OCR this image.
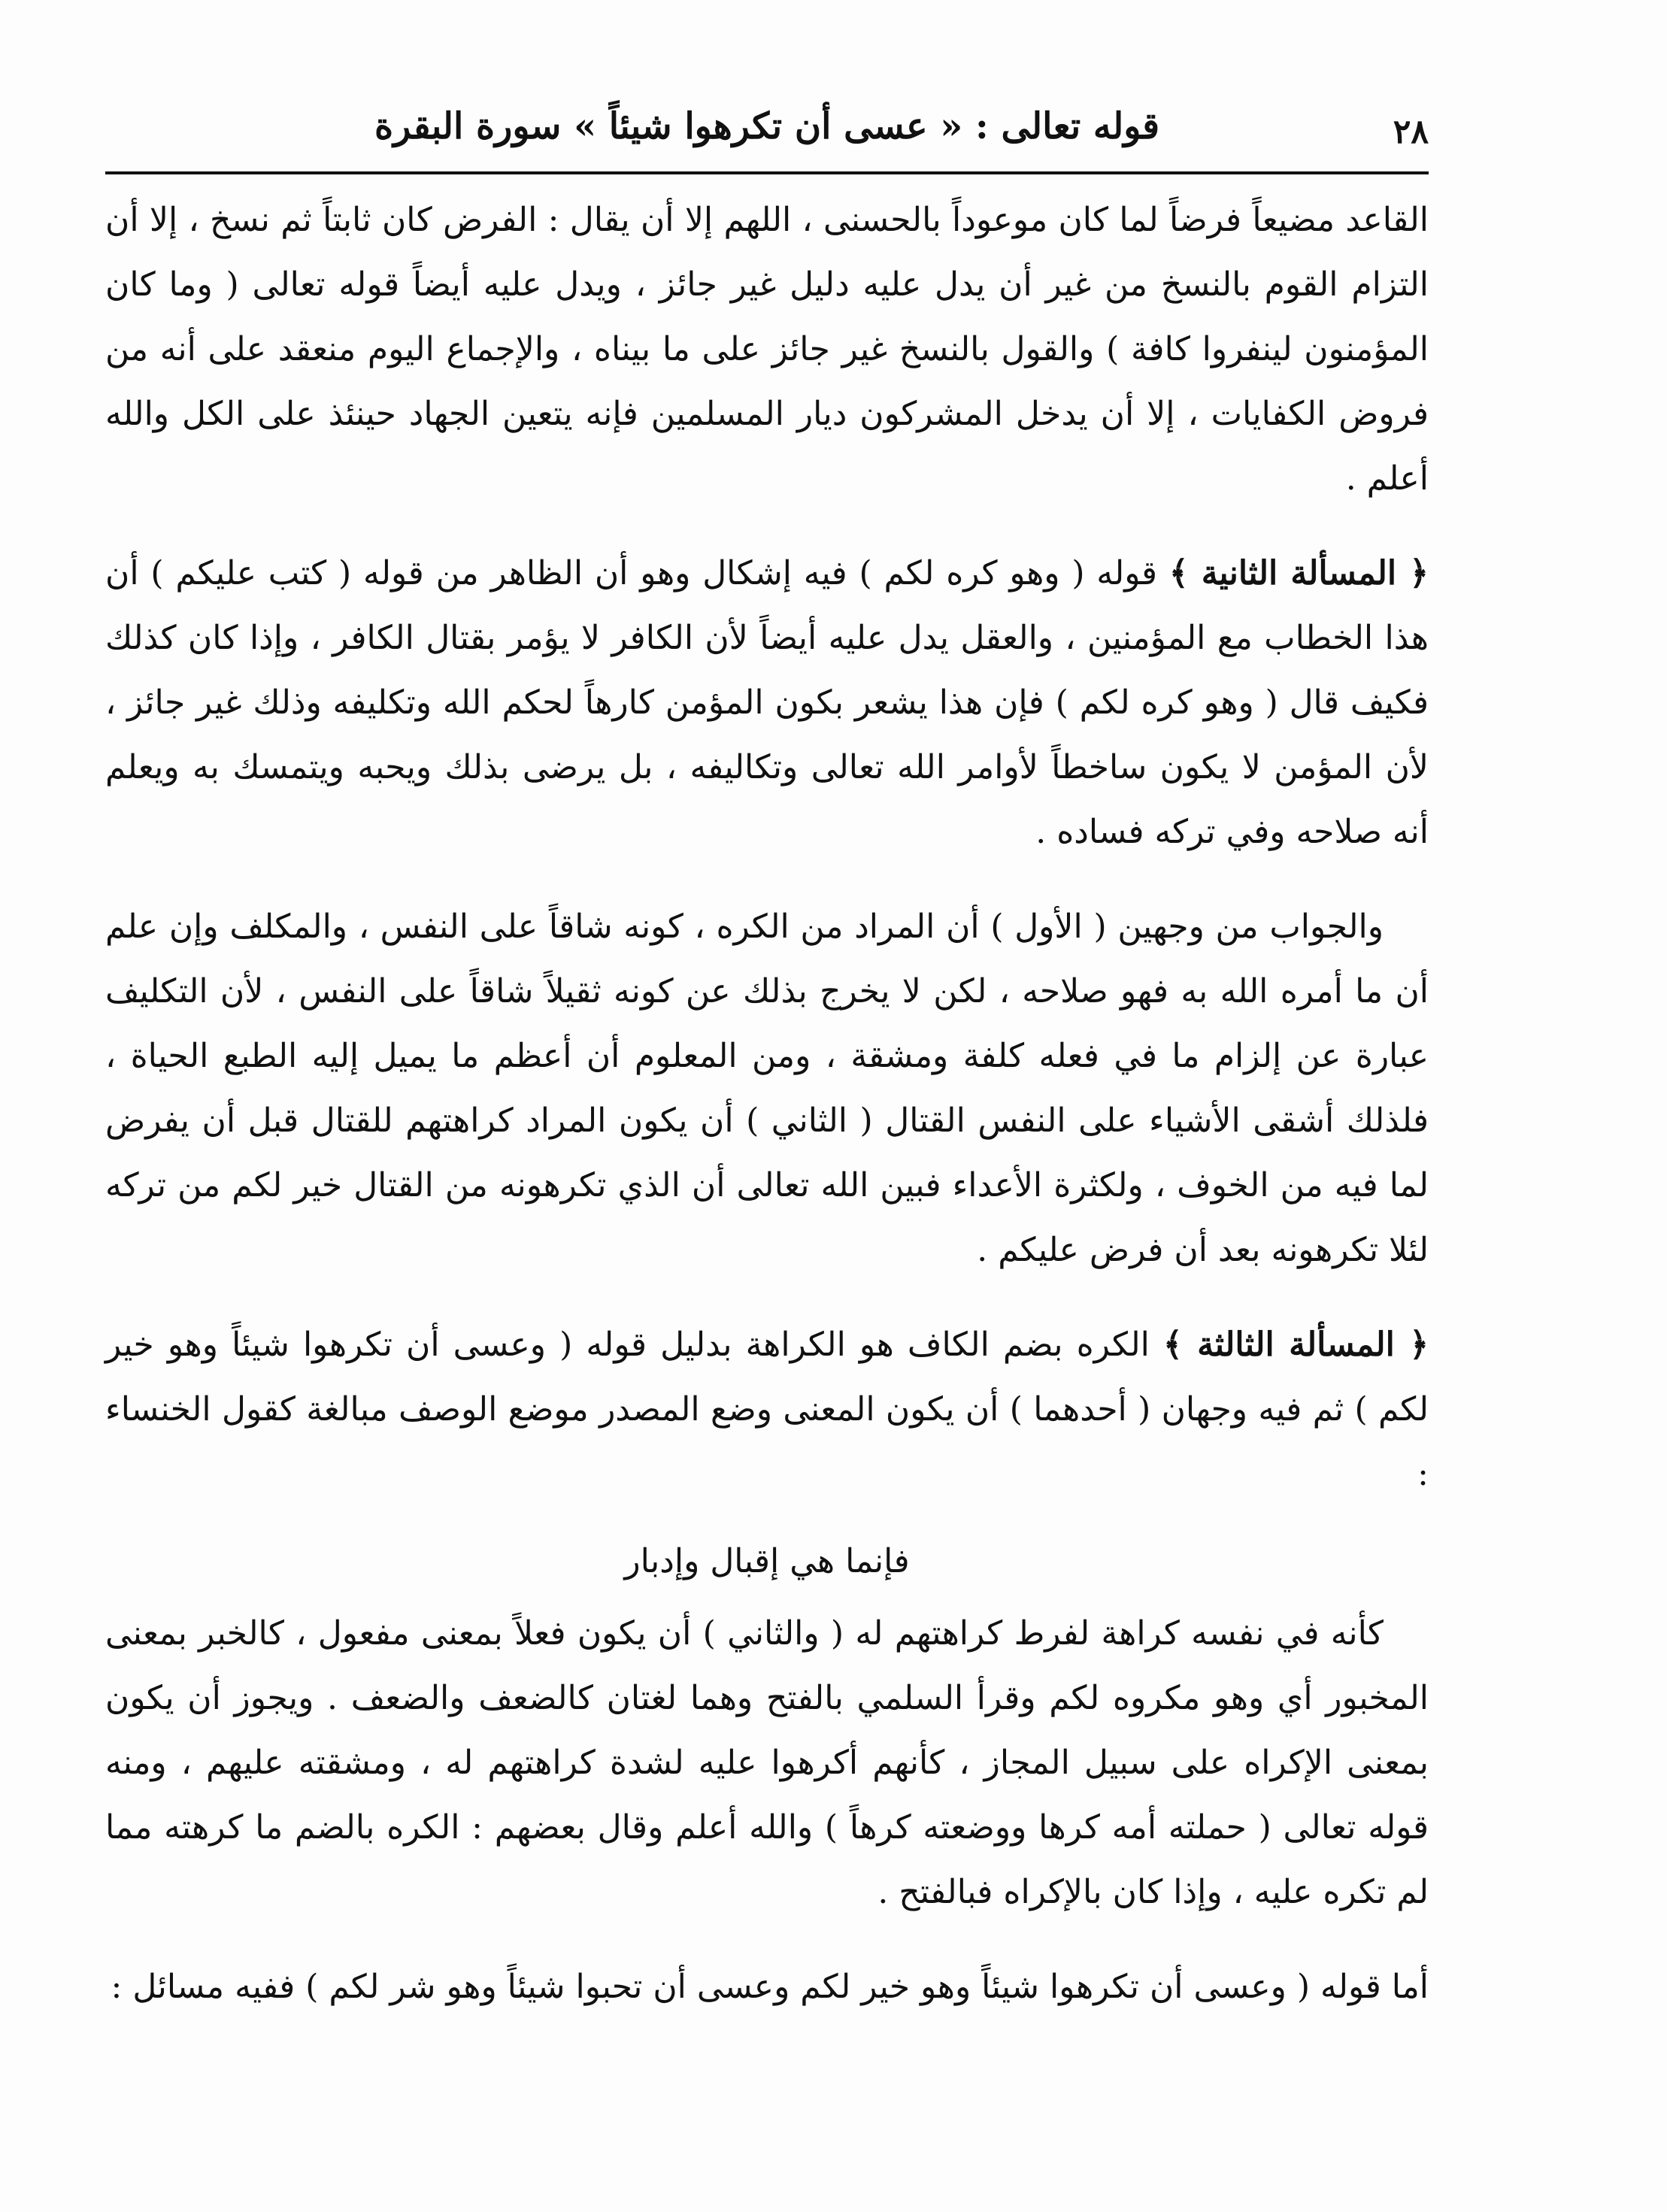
٢٨
قوله تعالى : « عسى أن تكرهوا شيئاً » سورة البقرة

القاعد مضيعاً فرضاً لما كان موعوداً بالحسنى ، اللهم إلا أن يقال : الفرض كان ثابتاً ثم نسخ ، إلا أن التزام القوم بالنسخ من غير أن يدل عليه دليل غير جائز ، ويدل عليه أيضاً قوله تعالى ( وما كان المؤمنون لينفروا كافة ) والقول بالنسخ غير جائز على ما بيناه ، والإجماع اليوم منعقد على أنه من فروض الكفايات ، إلا أن يدخل المشركون ديار المسلمين فإنه يتعين الجهاد حينئذ على الكل والله أعلم .

﴿ المسألة الثانية ﴾ قوله ( وهو كره لكم ) فيه إشكال وهو أن الظاهر من قوله ( كتب عليكم ) أن هذا الخطاب مع المؤمنين ، والعقل يدل عليه أيضاً لأن الكافر لا يؤمر بقتال الكافر ، وإذا كان كذلك فكيف قال ( وهو كره لكم ) فإن هذا يشعر بكون المؤمن كارهاً لحكم الله وتكليفه وذلك غير جائز ، لأن المؤمن لا يكون ساخطاً لأوامر الله تعالى وتكاليفه ، بل يرضى بذلك ويحبه ويتمسك به ويعلم أنه صلاحه وفي تركه فساده .

والجواب من وجهين ( الأول ) أن المراد من الكره ، كونه شاقاً على النفس ، والمكلف وإن علم أن ما أمره الله به فهو صلاحه ، لكن لا يخرج بذلك عن كونه ثقيلاً شاقاً على النفس ، لأن التكليف عبارة عن إلزام ما في فعله كلفة ومشقة ، ومن المعلوم أن أعظم ما يميل إليه الطبع الحياة ، فلذلك أشقى الأشياء على النفس القتال ( الثاني ) أن يكون المراد كراهتهم للقتال قبل أن يفرض لما فيه من الخوف ، ولكثرة الأعداء فبين الله تعالى أن الذي تكرهونه من القتال خير لكم من تركه لئلا تكرهونه بعد أن فرض عليكم .

﴿ المسألة الثالثة ﴾ الكره بضم الكاف هو الكراهة بدليل قوله ( وعسى أن تكرهوا شيئاً وهو خير لكم ) ثم فيه وجهان ( أحدهما ) أن يكون المعنى وضع المصدر موضع الوصف مبالغة كقول الخنساء :

فإنما هي إقبال وإدبار

كأنه في نفسه كراهة لفرط كراهتهم له ( والثاني ) أن يكون فعلاً بمعنى مفعول ، كالخبر بمعنى المخبور أي وهو مكروه لكم وقرأ السلمي بالفتح وهما لغتان كالضعف والضعف . ويجوز أن يكون بمعنى الإكراه على سبيل المجاز ، كأنهم أكرهوا عليه لشدة كراهتهم له ، ومشقته عليهم ، ومنه قوله تعالى ( حملته أمه كرها ووضعته كرهاً ) والله أعلم وقال بعضهم : الكره بالضم ما كرهته مما لم تكره عليه ، وإذا كان بالإكراه فبالفتح .

أما قوله ( وعسى أن تكرهوا شيئاً وهو خير لكم وعسى أن تحبوا شيئاً وهو شر لكم ) ففيه مسائل :
